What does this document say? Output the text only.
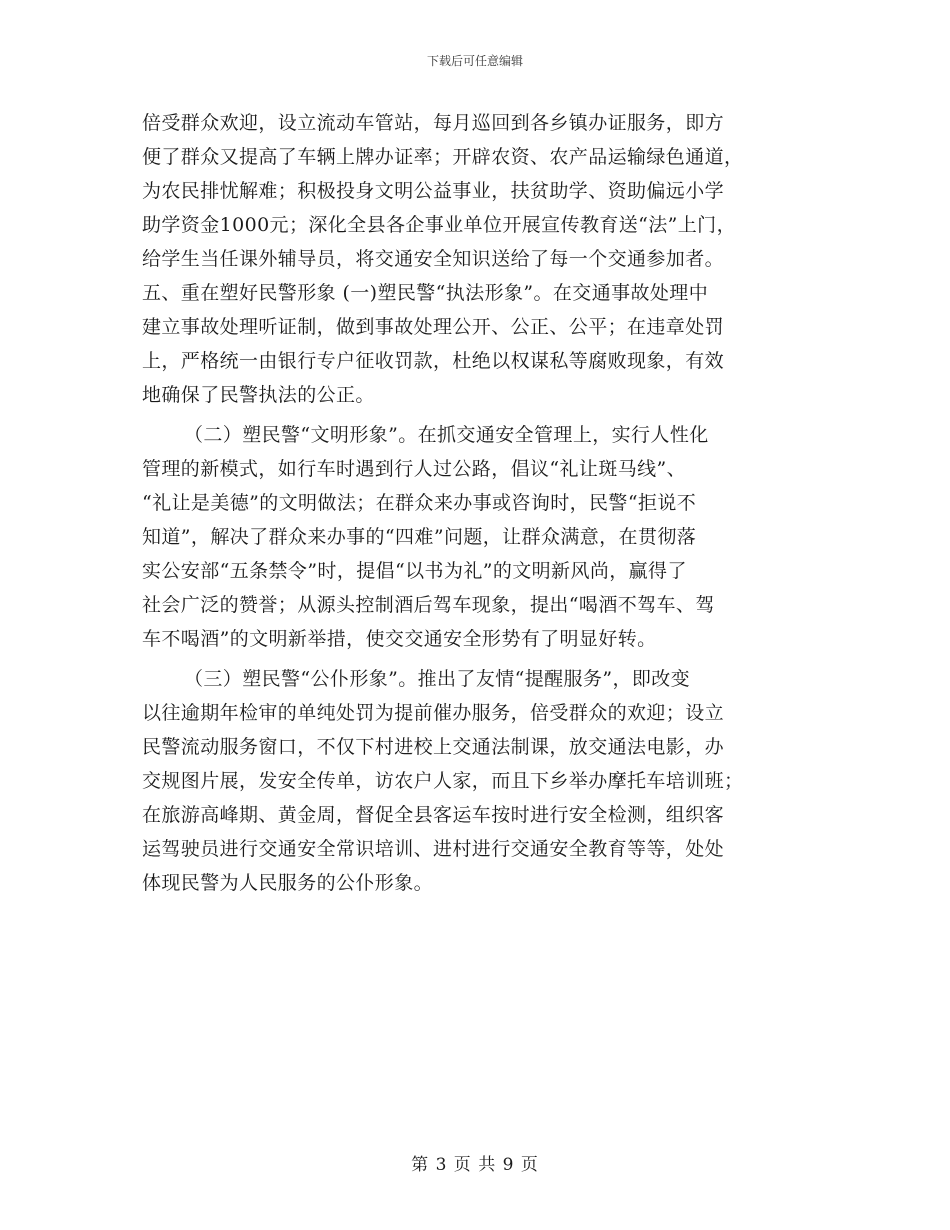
下载后可任意编辑
倍受群众欢迎，设立流动车管站，每月巡回到各乡镇办证服务，即方
便了群众又提高了车辆上牌办证率；开辟农资、农产品运输绿色通道，
为农民排忧解难；积极投身文明公益事业，扶贫助学、资助偏远小学
助学资金1000元；深化全县各企事业单位开展宣传教育送“法”上门，
给学生当任课外辅导员，将交通安全知识送给了每一个交通参加者。
五、重在塑好民警形象 (一)塑民警“执法形象”。在交通事故处理中
建立事故处理听证制，做到事故处理公开、公正、公平；在违章处罚
上，严格统一由银行专户征收罚款，杜绝以权谋私等腐败现象，有效
地确保了民警执法的公正。
（二）塑民警“文明形象”。在抓交通安全管理上，实行人性化
管理的新模式，如行车时遇到行人过公路，倡议“礼让斑马线”、
“礼让是美德”的文明做法；在群众来办事或咨询时，民警“拒说不
知道”，解决了群众来办事的“四难”问题，让群众满意，在贯彻落
实公安部“五条禁令”时，提倡“以书为礼”的文明新风尚，赢得了
社会广泛的赞誉；从源头控制酒后驾车现象，提出“喝酒不驾车、驾
车不喝酒”的文明新举措，使交交通安全形势有了明显好转。
（三）塑民警“公仆形象”。推出了友情“提醒服务”，即改变
以往逾期年检审的单纯处罚为提前催办服务，倍受群众的欢迎；设立
民警流动服务窗口，不仅下村进校上交通法制课，放交通法电影，办
交规图片展，发安全传单，访农户人家，而且下乡举办摩托车培训班；
在旅游高峰期、黄金周，督促全县客运车按时进行安全检测，组织客
运驾驶员进行交通安全常识培训、进村进行交通安全教育等等，处处
体现民警为人民服务的公仆形象。
第 3 页 共 9 页
